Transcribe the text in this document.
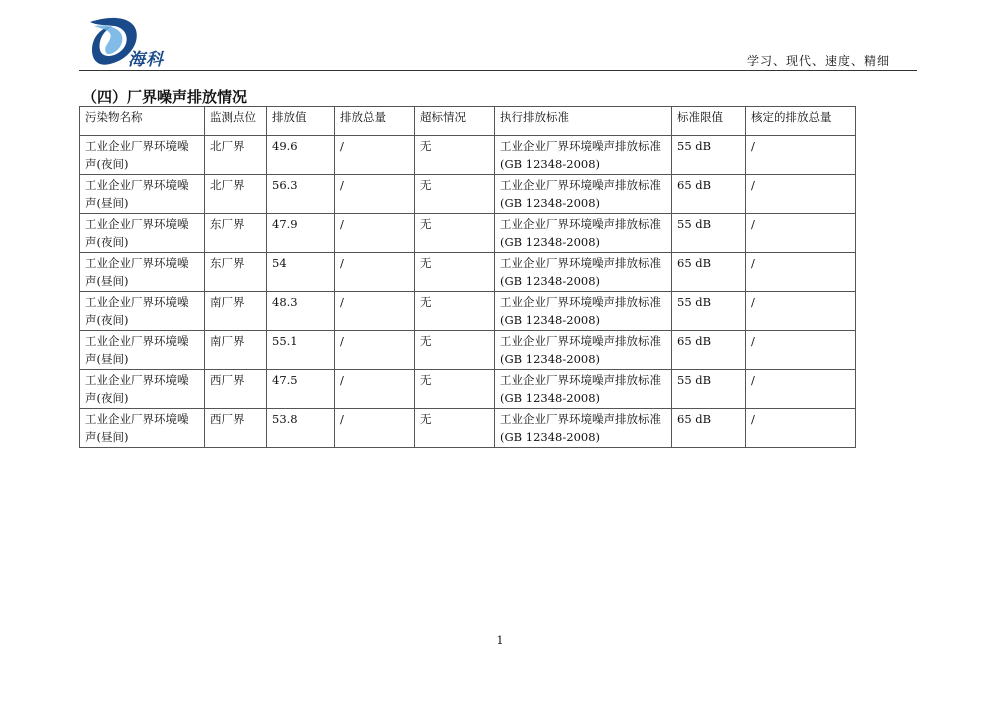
海科	学习、现代、速度、精细
（四）厂界噪声排放情况
污染物名称	监测点位	排放值	排放总量	超标情况	执行排放标准	标准限值	核定的排放总量
工业企业厂界环境噪声(夜间)	北厂界	49.6	/	无	工业企业厂界环境噪声排放标准(GB 12348-2008)	55 dB	/
工业企业厂界环境噪声(昼间)	北厂界	56.3	/	无	工业企业厂界环境噪声排放标准(GB 12348-2008)	65 dB	/
工业企业厂界环境噪声(夜间)	东厂界	47.9	/	无	工业企业厂界环境噪声排放标准(GB 12348-2008)	55 dB	/
工业企业厂界环境噪声(昼间)	东厂界	54	/	无	工业企业厂界环境噪声排放标准(GB 12348-2008)	65 dB	/
工业企业厂界环境噪声(夜间)	南厂界	48.3	/	无	工业企业厂界环境噪声排放标准(GB 12348-2008)	55 dB	/
工业企业厂界环境噪声(昼间)	南厂界	55.1	/	无	工业企业厂界环境噪声排放标准(GB 12348-2008)	65 dB	/
工业企业厂界环境噪声(夜间)	西厂界	47.5	/	无	工业企业厂界环境噪声排放标准(GB 12348-2008)	55 dB	/
工业企业厂界环境噪声(昼间)	西厂界	53.8	/	无	工业企业厂界环境噪声排放标准(GB 12348-2008)	65 dB	/
1
